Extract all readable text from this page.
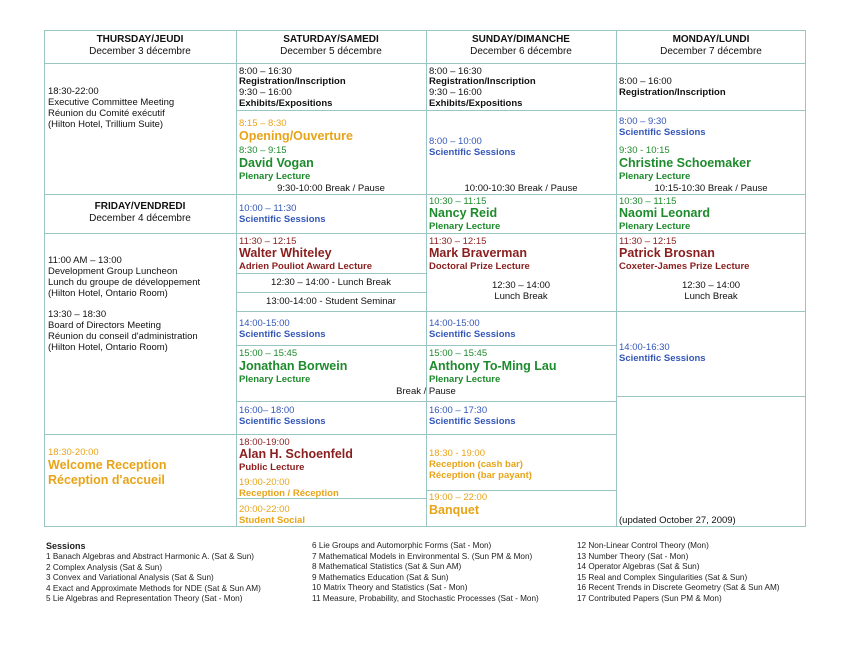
THURSDAY/JEUDI
December 3 décembre
SATURDAY/SAMEDI
December 5 décembre
SUNDAY/DIMANCHE
December 6 décembre
MONDAY/LUNDI
December 7 décembre
FRIDAY/VENDREDI
December 4 décembre
18:30-22:00
Executive Committee Meeting
Réunion du Comité exécutif
(Hilton Hotel, Trillium Suite)
11:00 AM – 13:00
Development Group Luncheon
Lunch du groupe de développement
(Hilton Hotel, Ontario Room)
13:30 – 18:30
Board of Directors Meeting
Réunion du conseil d'administration
(Hilton Hotel, Ontario Room)
18:30-20:00
Welcome Reception
Réception d'accueil
8:00 – 16:30
Registration/Inscription
9:30 – 16:00
Exhibits/Expositions
8:15 – 8:30
Opening/Ouverture
8:30 – 9:15
David Vogan
Plenary Lecture
9:30-10:00 Break / Pause
10:00 – 11:30
Scientific Sessions
11:30 – 12:15
Walter Whiteley
Adrien Pouliot Award Lecture
12:30 – 14:00 - Lunch Break
13:00-14:00 - Student Seminar
14:00-15:00
Scientific Sessions
15:00 – 15:45
Jonathan Borwein
Plenary Lecture
Break / Pause
16:00– 18:00
Scientific Sessions
18:00-19:00
Alan H. Schoenfeld
Public Lecture
19:00-20:00
Reception / Réception
20:00-22:00
Student Social
8:00 – 16:30
Registration/Inscription
9:30 – 16:00
Exhibits/Expositions
8:00 – 10:00
Scientific Sessions
10:00-10:30 Break / Pause
10:30 – 11:15
Nancy Reid
Plenary Lecture
11:30 – 12:15
Mark Braverman
Doctoral Prize Lecture
12:30 – 14:00
Lunch Break
14:00-15:00
Scientific Sessions
15:00 – 15:45
Anthony To-Ming Lau
Plenary Lecture
16:00 – 17:30
Scientific Sessions
18:30 - 19:00
Reception (cash bar)
Réception (bar payant)
19:00 – 22:00
Banquet
8:00 – 16:00
Registration/Inscription
8:00 – 9:30
Scientific Sessions
9:30 - 10:15
Christine Schoemaker
Plenary Lecture
10:15-10:30 Break / Pause
10:30 – 11:15
Naomi Leonard
Plenary Lecture
11:30 – 12:15
Patrick Brosnan
Coxeter-James Prize Lecture
12:30 – 14:00
Lunch Break
14:00-16:30
Scientific Sessions
(updated October 27, 2009)
Sessions
1 Banach Algebras and Abstract Harmonic A. (Sat & Sun)
2 Complex Analysis (Sat & Sun)
3 Convex and Variational Analysis (Sat & Sun)
4 Exact and Approximate Methods for NDE (Sat & Sun AM)
5 Lie Algebras and Representation Theory (Sat - Mon)
6 Lie Groups and Automorphic Forms (Sat - Mon)
7 Mathematical Models in Environmental S. (Sun PM & Mon)
8 Mathematical Statistics (Sat & Sun AM)
9 Mathematics Education (Sat & Sun)
10 Matrix Theory and Statistics (Sat - Mon)
11 Measure, Probability, and Stochastic Processes (Sat - Mon)
12 Non-Linear Control Theory (Mon)
13 Number Theory (Sat - Mon)
14 Operator Algebras (Sat & Sun)
15 Real and Complex Singularities (Sat & Sun)
16 Recent Trends in Discrete Geometry (Sat & Sun AM)
17 Contributed Papers (Sun PM & Mon)
